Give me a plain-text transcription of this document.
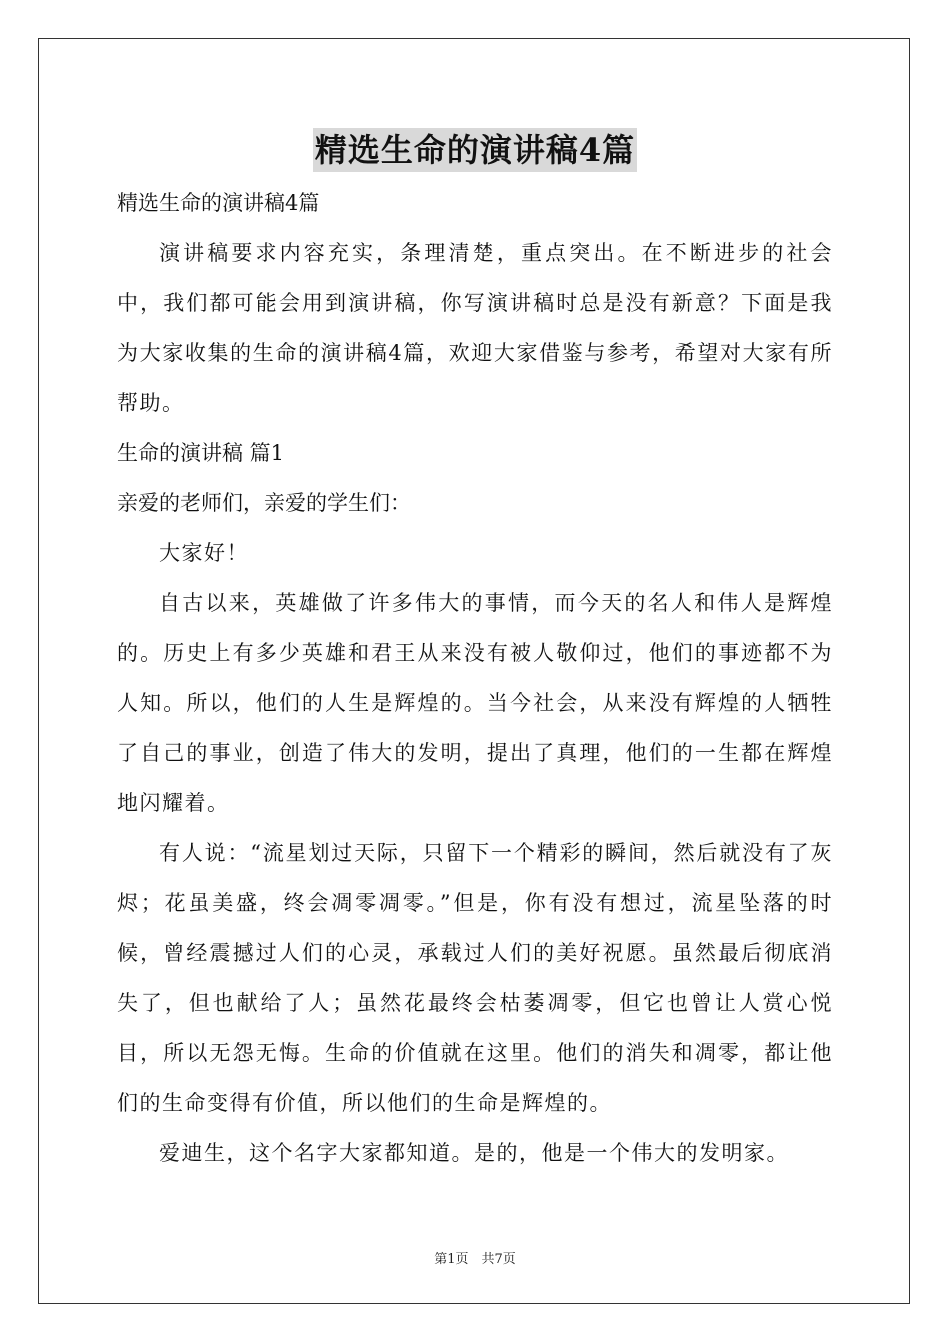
精选生命的演讲稿4篇

精选生命的演讲稿4篇

演讲稿要求内容充实，条理清楚，重点突出。在不断进步的社会中，我们都可能会用到演讲稿，你写演讲稿时总是没有新意？下面是我为大家收集的生命的演讲稿4篇，欢迎大家借鉴与参考，希望对大家有所帮助。

生命的演讲稿 篇1

亲爱的老师们，亲爱的学生们：

大家好！

自古以来，英雄做了许多伟大的事情，而今天的名人和伟人是辉煌的。历史上有多少英雄和君王从来没有被人敬仰过，他们的事迹都不为人知。所以，他们的人生是辉煌的。当今社会，从来没有辉煌的人牺牲了自己的事业，创造了伟大的发明，提出了真理，他们的一生都在辉煌地闪耀着。

有人说：“流星划过天际，只留下一个精彩的瞬间，然后就没有了灰烬；花虽美盛，终会凋零凋零。”但是，你有没有想过，流星坠落的时候，曾经震撼过人们的心灵，承载过人们的美好祝愿。虽然最后彻底消失了，但也献给了人；虽然花最终会枯萎凋零，但它也曾让人赏心悦目，所以无怨无悔。生命的价值就在这里。他们的消失和凋零，都让他们的生命变得有价值，所以他们的生命是辉煌的。

爱迪生，这个名字大家都知道。是的，他是一个伟大的发明家。

第1页　共7页
